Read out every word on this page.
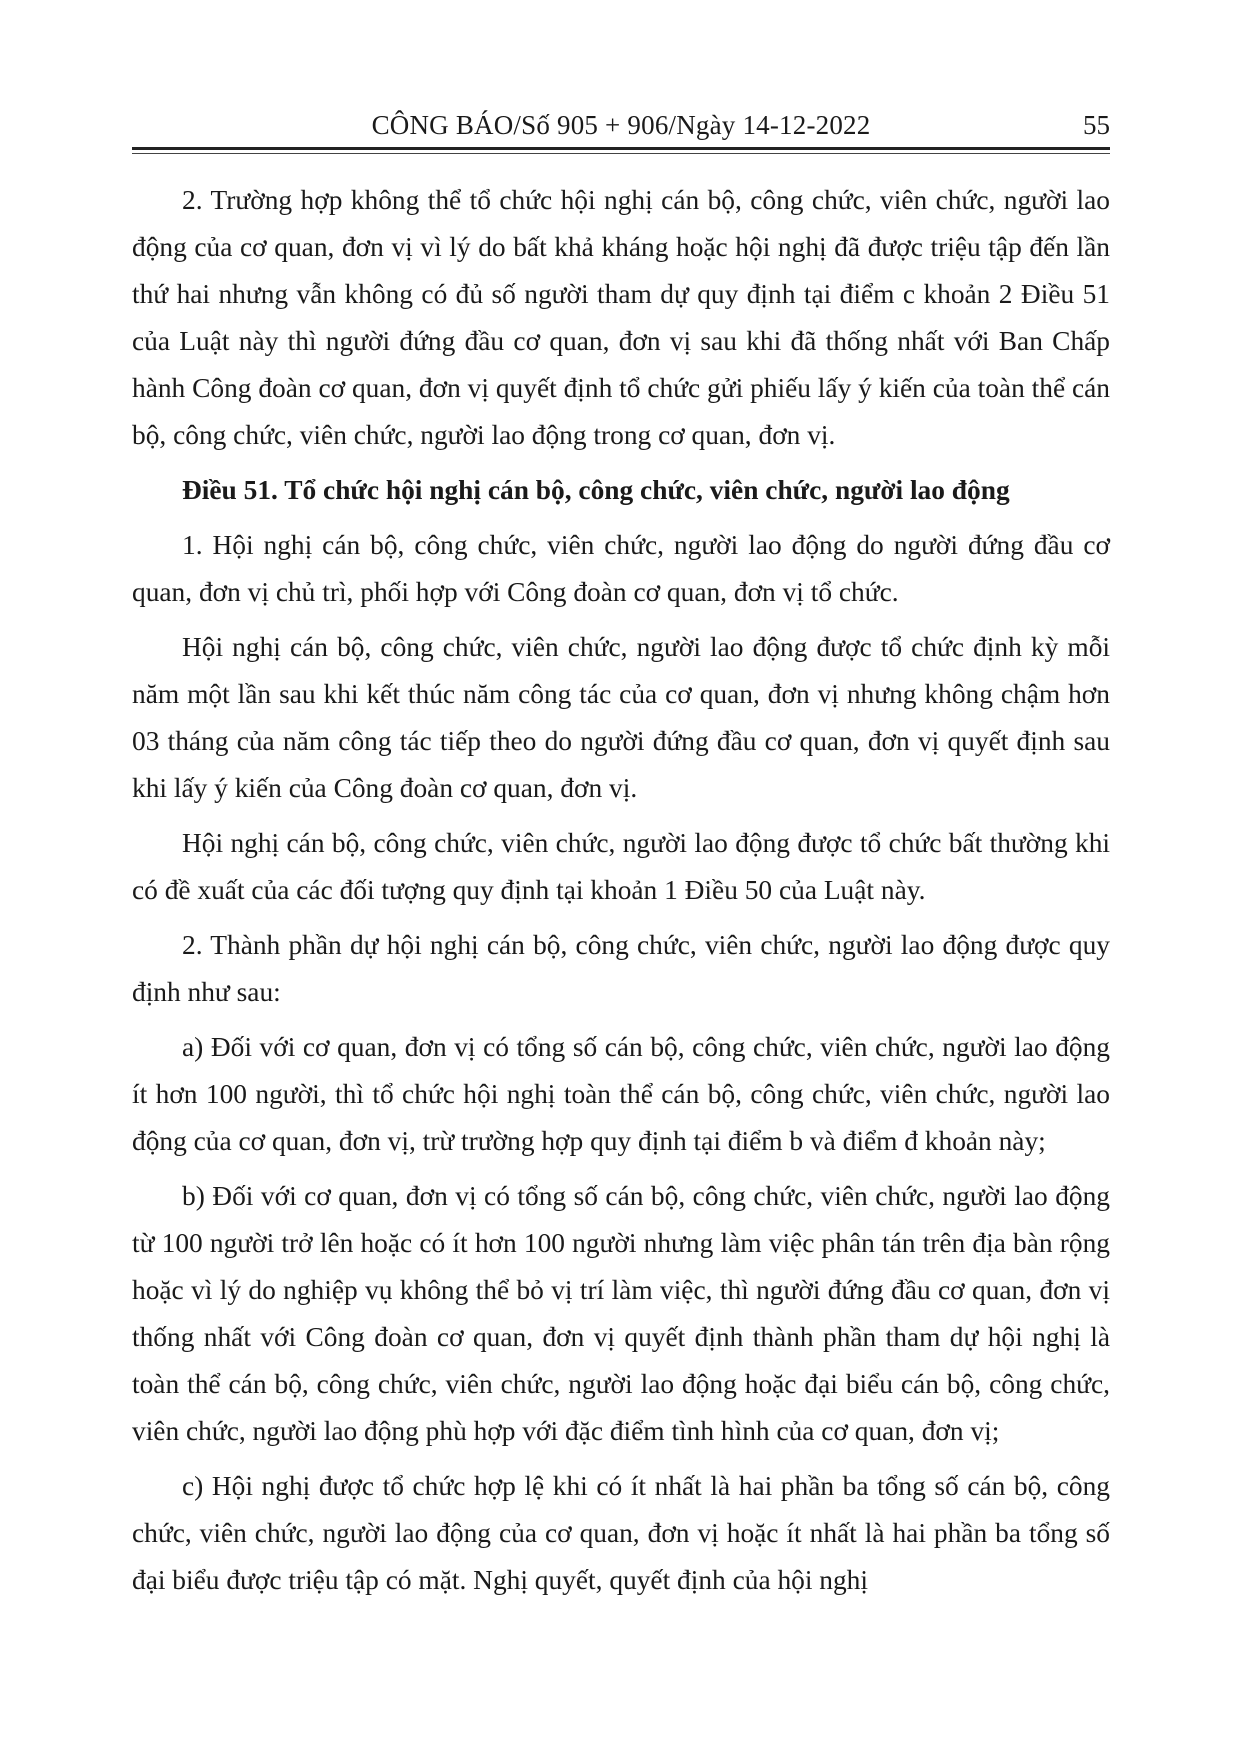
CÔNG BÁO/Số 905 + 906/Ngày 14-12-2022	55

2. Trường hợp không thể tổ chức hội nghị cán bộ, công chức, viên chức, người lao động của cơ quan, đơn vị vì lý do bất khả kháng hoặc hội nghị đã được triệu tập đến lần thứ hai nhưng vẫn không có đủ số người tham dự quy định tại điểm c khoản 2 Điều 51 của Luật này thì người đứng đầu cơ quan, đơn vị sau khi đã thống nhất với Ban Chấp hành Công đoàn cơ quan, đơn vị quyết định tổ chức gửi phiếu lấy ý kiến của toàn thể cán bộ, công chức, viên chức, người lao động trong cơ quan, đơn vị.

Điều 51. Tổ chức hội nghị cán bộ, công chức, viên chức, người lao động

1. Hội nghị cán bộ, công chức, viên chức, người lao động do người đứng đầu cơ quan, đơn vị chủ trì, phối hợp với Công đoàn cơ quan, đơn vị tổ chức.

Hội nghị cán bộ, công chức, viên chức, người lao động được tổ chức định kỳ mỗi năm một lần sau khi kết thúc năm công tác của cơ quan, đơn vị nhưng không chậm hơn 03 tháng của năm công tác tiếp theo do người đứng đầu cơ quan, đơn vị quyết định sau khi lấy ý kiến của Công đoàn cơ quan, đơn vị.

Hội nghị cán bộ, công chức, viên chức, người lao động được tổ chức bất thường khi có đề xuất của các đối tượng quy định tại khoản 1 Điều 50 của Luật này.

2. Thành phần dự hội nghị cán bộ, công chức, viên chức, người lao động được quy định như sau:

a) Đối với cơ quan, đơn vị có tổng số cán bộ, công chức, viên chức, người lao động ít hơn 100 người, thì tổ chức hội nghị toàn thể cán bộ, công chức, viên chức, người lao động của cơ quan, đơn vị, trừ trường hợp quy định tại điểm b và điểm đ khoản này;

b) Đối với cơ quan, đơn vị có tổng số cán bộ, công chức, viên chức, người lao động từ 100 người trở lên hoặc có ít hơn 100 người nhưng làm việc phân tán trên địa bàn rộng hoặc vì lý do nghiệp vụ không thể bỏ vị trí làm việc, thì người đứng đầu cơ quan, đơn vị thống nhất với Công đoàn cơ quan, đơn vị quyết định thành phần tham dự hội nghị là toàn thể cán bộ, công chức, viên chức, người lao động hoặc đại biểu cán bộ, công chức, viên chức, người lao động phù hợp với đặc điểm tình hình của cơ quan, đơn vị;

c) Hội nghị được tổ chức hợp lệ khi có ít nhất là hai phần ba tổng số cán bộ, công chức, viên chức, người lao động của cơ quan, đơn vị hoặc ít nhất là hai phần ba tổng số đại biểu được triệu tập có mặt. Nghị quyết, quyết định của hội nghị
